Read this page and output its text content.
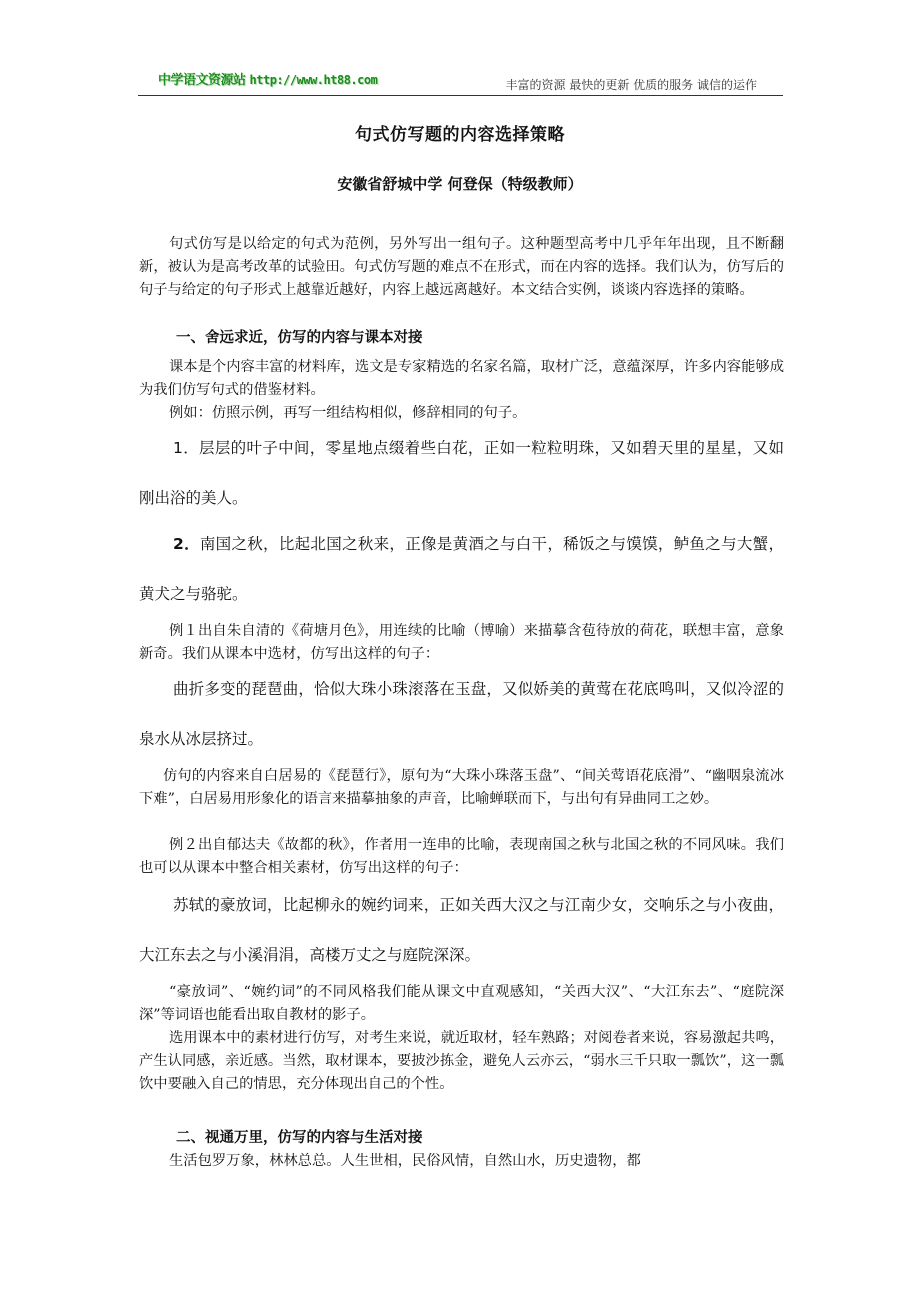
中学语文资源站 http://www.ht88.com	丰富的资源 最快的更新 优质的服务 诚信的运作
句式仿写题的内容选择策略
安徽省舒城中学 何登保（特级教师）

句式仿写是以给定的句式为范例，另外写出一组句子。这种题型高考中几乎年年出现，且不断翻新，被认为是高考改革的试验田。句式仿写题的难点不在形式，而在内容的选择。我们认为，仿写后的句子与给定的句子形式上越靠近越好，内容上越远离越好。本文结合实例，谈谈内容选择的策略。

一、舍远求近，仿写的内容与课本对接

课本是个内容丰富的材料库，选文是专家精选的名家名篇，取材广泛，意蕴深厚，许多内容能够成为我们仿写句式的借鉴材料。

例如：仿照示例，再写一组结构相似，修辞相同的句子。

1．层层的叶子中间，零星地点缀着些白花，正如一粒粒明珠，又如碧天里的星星，又如刚出浴的美人。

2．南国之秋，比起北国之秋来，正像是黄酒之与白干，稀饭之与馍馍，鲈鱼之与大蟹，黄犬之与骆驼。

例１出自朱自清的《荷塘月色》，用连续的比喻（博喻）来描摹含苞待放的荷花，联想丰富，意象新奇。我们从课本中选材，仿写出这样的句子：

曲折多变的琵琶曲，恰似大珠小珠滚落在玉盘，又似娇美的黄莺在花底鸣叫，又似冷涩的泉水从冰层挤过。

仿句的内容来自白居易的《琵琶行》，原句为“大珠小珠落玉盘”、“间关莺语花底滑”、“幽咽泉流冰下难”，白居易用形象化的语言来描摹抽象的声音，比喻蝉联而下，与出句有异曲同工之妙。

例２出自郁达夫《故都的秋》，作者用一连串的比喻，表现南国之秋与北国之秋的不同风味。我们也可以从课本中整合相关素材，仿写出这样的句子：

苏轼的豪放词，比起柳永的婉约词来，正如关西大汉之与江南少女，交响乐之与小夜曲，大江东去之与小溪涓涓，高楼万丈之与庭院深深。

“豪放词”、“婉约词”的不同风格我们能从课文中直观感知，“关西大汉”、“大江东去”、“庭院深深”等词语也能看出取自教材的影子。

选用课本中的素材进行仿写，对考生来说，就近取材，轻车熟路；对阅卷者来说，容易激起共鸣，产生认同感，亲近感。当然，取材课本，要披沙拣金，避免人云亦云，“弱水三千只取一瓢饮”，这一瓢饮中要融入自己的情思，充分体现出自己的个性。

二、视通万里，仿写的内容与生活对接

生活包罗万象，林林总总。人生世相，民俗风情，自然山水，历史遗物，都
